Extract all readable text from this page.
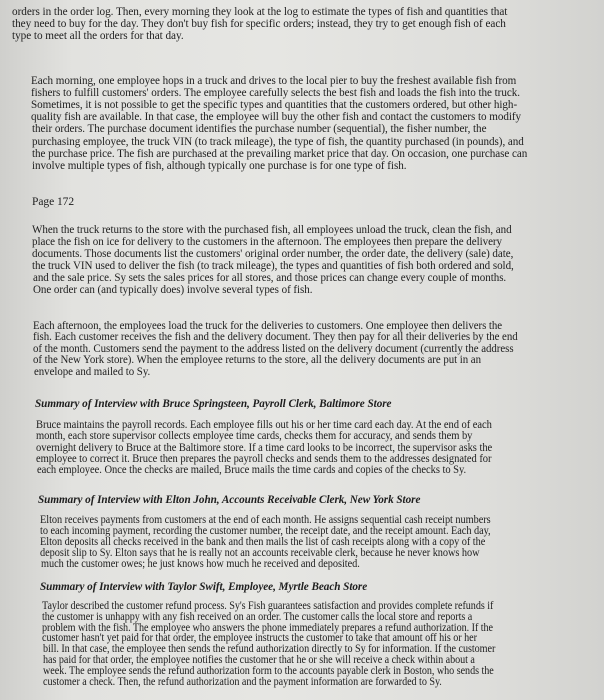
orders in the order log. Then, every morning they look at the log to estimate the types of fish and quantities that
they need to buy for the day. They don't buy fish for specific orders; instead, they try to get enough fish of each
type to meet all the orders for that day.
Each morning, one employee hops in a truck and drives to the local pier to buy the freshest available fish from
fishers to fulfill customers' orders. The employee carefully selects the best fish and loads the fish into the truck.
Sometimes, it is not possible to get the specific types and quantities that the customers ordered, but other high-
quality fish are available. In that case, the employee will buy the other fish and contact the customers to modify
their orders. The purchase document identifies the purchase number (sequential), the fisher number, the
purchasing employee, the truck VIN (to track mileage), the type of fish, the quantity purchased (in pounds), and
the purchase price. The fish are purchased at the prevailing market price that day. On occasion, one purchase can
involve multiple types of fish, although typically one purchase is for one type of fish.
Page 172
When the truck returns to the store with the purchased fish, all employees unload the truck, clean the fish, and
place the fish on ice for delivery to the customers in the afternoon. The employees then prepare the delivery
documents. Those documents list the customers' original order number, the order date, the delivery (sale) date,
the truck VIN used to deliver the fish (to track mileage), the types and quantities of fish both ordered and sold,
and the sale price. Sy sets the sales prices for all stores, and those prices can change every couple of months.
One order can (and typically does) involve several types of fish.
Each afternoon, the employees load the truck for the deliveries to customers. One employee then delivers the
fish. Each customer receives the fish and the delivery document. They then pay for all their deliveries by the end
of the month. Customers send the payment to the address listed on the delivery document (currently the address
of the New York store). When the employee returns to the store, all the delivery documents are put in an
envelope and mailed to Sy.
Summary of Interview with Bruce Springsteen, Payroll Clerk, Baltimore Store
Bruce maintains the payroll records. Each employee fills out his or her time card each day. At the end of each
month, each store supervisor collects employee time cards, checks them for accuracy, and sends them by
overnight delivery to Bruce at the Baltimore store. If a time card looks to be incorrect, the supervisor asks the
employee to correct it. Bruce then prepares the payroll checks and sends them to the addresses designated for
each employee. Once the checks are mailed, Bruce mails the time cards and copies of the checks to Sy.
Summary of Interview with Elton John, Accounts Receivable Clerk, New York Store
Elton receives payments from customers at the end of each month. He assigns sequential cash receipt numbers
to each incoming payment, recording the customer number, the receipt date, and the receipt amount. Each day,
Elton deposits all checks received in the bank and then mails the list of cash receipts along with a copy of the
deposit slip to Sy. Elton says that he is really not an accounts receivable clerk, because he never knows how
much the customer owes; he just knows how much he received and deposited.
Summary of Interview with Taylor Swift, Employee, Myrtle Beach Store
Taylor described the customer refund process. Sy's Fish guarantees satisfaction and provides complete refunds if
the customer is unhappy with any fish received on an order. The customer calls the local store and reports a
problem with the fish. The employee who answers the phone immediately prepares a refund authorization. If the
customer hasn't yet paid for that order, the employee instructs the customer to take that amount off his or her
bill. In that case, the employee then sends the refund authorization directly to Sy for information. If the customer
has paid for that order, the employee notifies the customer that he or she will receive a check within about a
week. The employee sends the refund authorization form to the accounts payable clerk in Boston, who sends the
customer a check. Then, the refund authorization and the payment information are forwarded to Sy.
